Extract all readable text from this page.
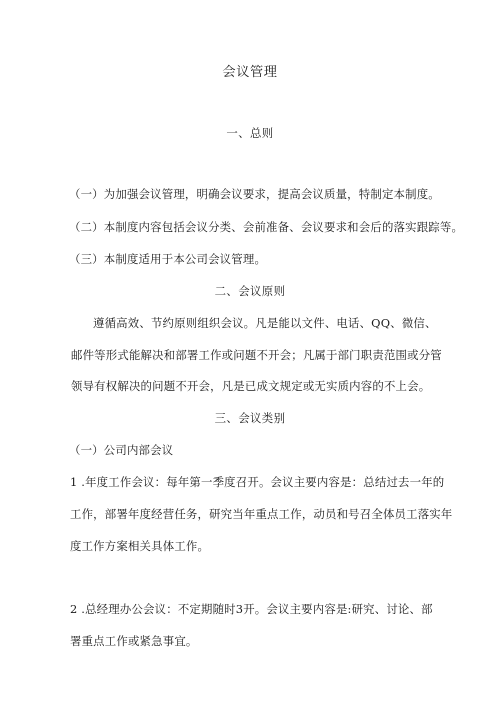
会议管理
一、总则
（一）为加强会议管理，明确会议要求，提高会议质量，特制定本制度。
（二）本制度内容包括会议分类、会前准备、会议要求和会后的落实跟踪等。
（三）本制度适用于本公司会议管理。
二、会议原则
遵循高效、节约原则组织会议。凡是能以文件、电话、QQ、微信、
邮件等形式能解决和部署工作或问题不开会；凡属于部门职责范围或分管
领导有权解决的问题不开会，凡是已成文规定或无实质内容的不上会。
三、会议类别
（一）公司内部会议
1 .年度工作会议：每年第一季度召开。会议主要内容是：总结过去一年的
工作，部署年度经营任务，研究当年重点工作，动员和号召全体员工落实年
度工作方案相关具体工作。
2 .总经理办公会议：不定期随时3开。会议主要内容是:研究、讨论、部
署重点工作或紧急事宜。
